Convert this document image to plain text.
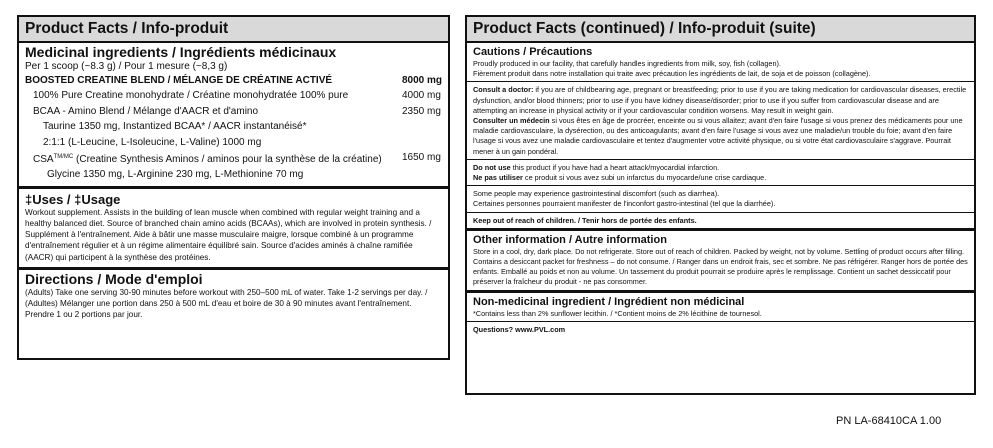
Product Facts / Info-produit
Medicinal ingredients / Ingrédients médicinaux
Per 1 scoop (~8.3 g) / Pour 1 mesure (~8,3 g)
BOOSTED CREATINE BLEND / MÉLANGE DE CRÉATINE ACTIVÉ	8000 mg
100% Pure Creatine monohydrate / Créatine monohydratée 100% pure	4000 mg
BCAA - Amino Blend / Mélange d'AACR et d'amino	2350 mg
Taurine 1350 mg, Instantized BCAA* / AACR instantanéisé*
2:1:1 (L-Leucine, L-Isoleucine, L-Valine) 1000 mg
$CSA^{TM/MC}$ (Creatine Synthesis Aminos / aminos pour la synthèse de la créatine)	1650 mg
Glycine 1350 mg, L-Arginine 230 mg, L-Methionine 70 mg
‡Uses / ‡Usage
Workout supplement. Assists in the building of lean muscle when combined with regular weight training and a healthy balanced diet. Source of branched chain amino acids (BCAAs), which are involved in protein synthesis. / Supplément à l'entraînement. Aide à bâtir une masse musculaire maigre, lorsque combiné à un programme d'entraînement régulier et à un régime alimentaire équilibré sain. Source d'acides aminés à chaîne ramifiée (AACR) qui participent à la synthèse des protéines.
Directions / Mode d'emploi
(Adults) Take one serving 30-90 minutes before workout with 250–500 mL of water. Take 1-2 servings per day. / (Adultes) Mélanger une portion dans 250 à 500 mL d'eau et boire de 30 à 90 minutes avant l'entraînement. Prendre 1 ou 2 portions par jour.
Product Facts (continued) / Info-produit (suite)
Cautions / Précautions
Proudly produced in our facility, that carefully handles ingredients from milk, soy, fish (collagen).
Fièrement produit dans notre installation qui traite avec précaution les ingrédients de lait, de soja et de poisson (collagène).
Consult a doctor: if you are of childbearing age, pregnant or breastfeeding; prior to use if you are taking medication for cardiovascular diseases, erectile dysfunction, and/or blood thinners; prior to use if you have kidney disease/disorder; prior to use if you suffer from cardiovascular disease and are attempting an increase in physical activity or if your cardiovascular condition worsens. May result in weight gain.
Consulter un médecin si vous êtes en âge de procréer, enceinte ou si vous allaitez; avant d'en faire l'usage si vous prenez des médicaments pour une maladie cardiovasculaire, la dysérection, ou des anticoagulants; avant d'en faire l'usage si vous avez une maladie/un trouble du foie; avant d'en faire l'usage si vous avez une maladie cardiovasculaire et tentez d'augmenter votre activité physique, ou si votre état cardiovasculaire s'aggrave. Pourrait mener à un gain pondéral.
Do not use this product if you have had a heart attack/myocardial infarction.
Ne pas utiliser ce produit si vous avez subi un infarctus du myocarde/une crise cardiaque.
Some people may experience gastrointestinal discomfort (such as diarrhea).
Certaines personnes pourraient manifester de l'inconfort gastro-intestinal (tel que la diarrhée).
Keep out of reach of children. / Tenir hors de portée des enfants.
Other information / Autre information
Store in a cool, dry, dark place. Do not refrigerate. Store out of reach of children. Packed by weight, not by volume. Settling of product occurs after filling. Contains a desiccant packet for freshness – do not consume. / Ranger dans un endroit frais, sec et sombre. Ne pas réfrigérer. Ranger hors de portée des enfants. Emballé au poids et non au volume. Un tassement du produit pourrait se produire après le remplissage. Contient un sachet dessiccatif pour préserver la fraîcheur du produit - ne pas consommer.
Non-medicinal ingredient / Ingrédient non médicinal
*Contains less than 2% sunflower lecithin. / *Contient moins de 2% lécithine de tournesol.
Questions? www.PVL.com
PN LA-68410CA 1.00
